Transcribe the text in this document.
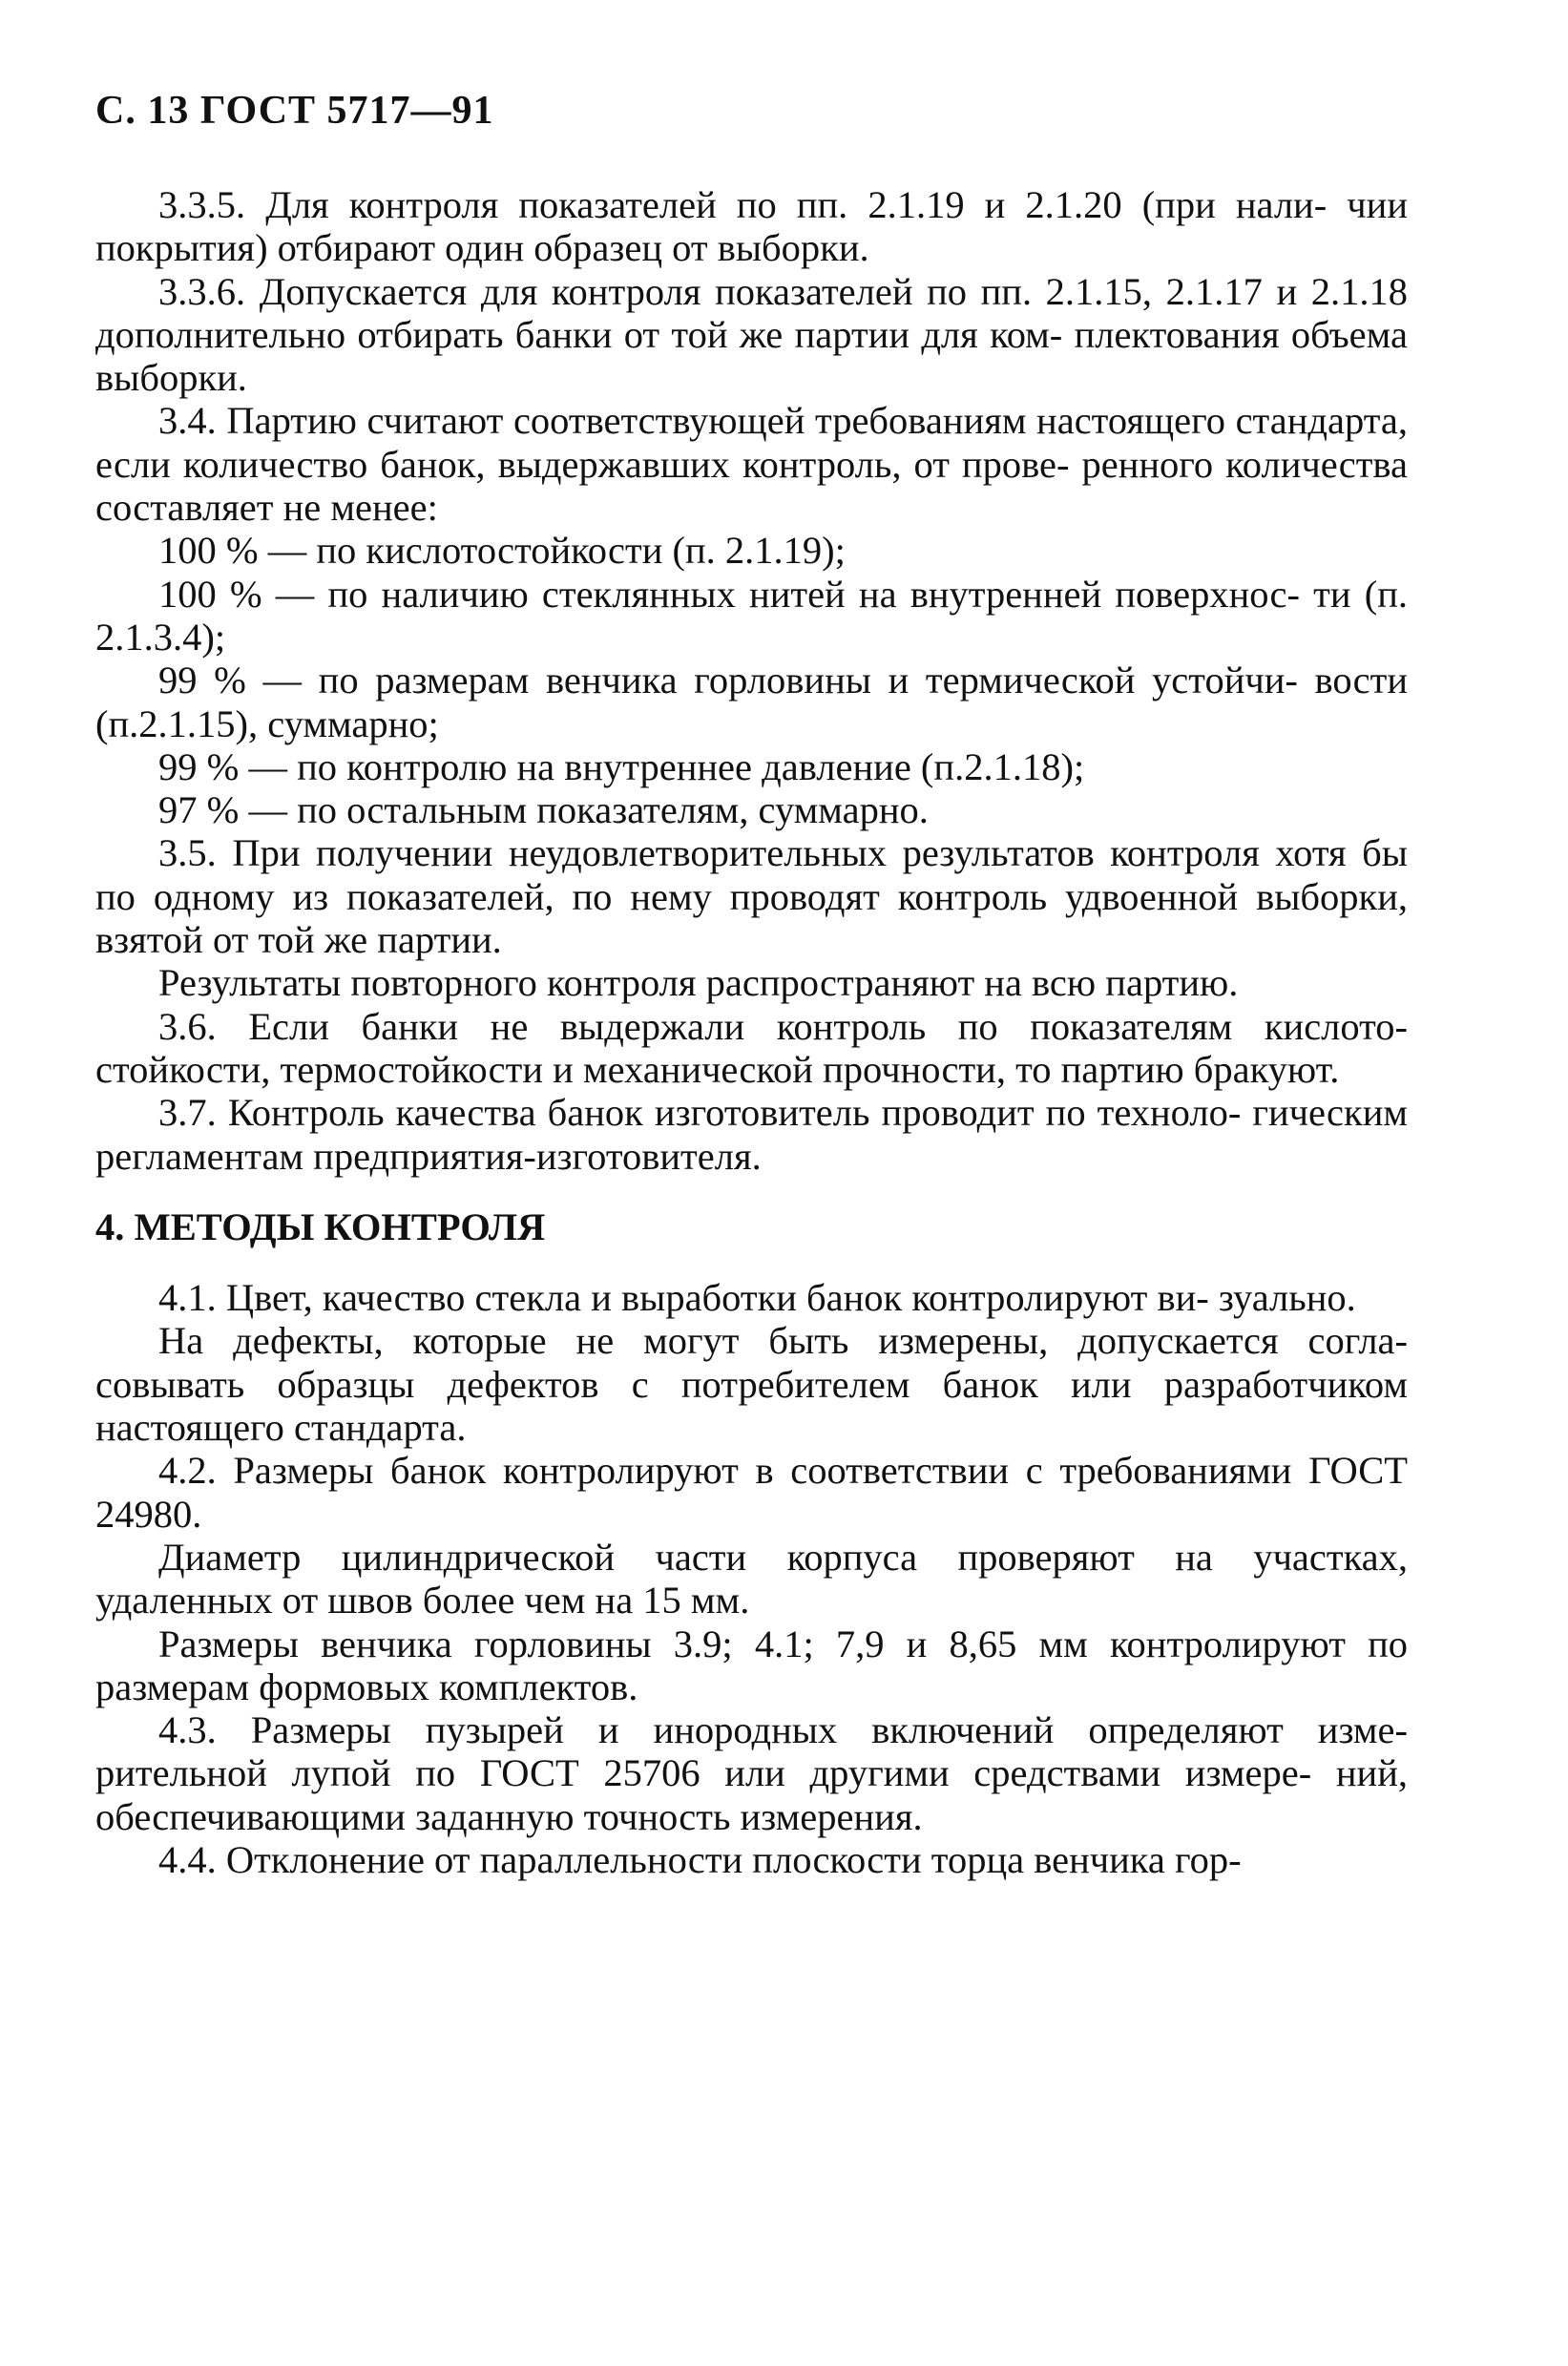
С. 13 ГОСТ 5717—91

3.3.5. Для контроля показателей по пп. 2.1.19 и 2.1.20 (при нали- чии покрытия) отбирают один образец от выборки.

3.3.6. Допускается для контроля показателей по пп. 2.1.15, 2.1.17 и 2.1.18 дополнительно отбирать банки от той же партии для ком- плектования объема выборки.

3.4. Партию считают соответствующей требованиям настоящего стандарта, если количество банок, выдержавших контроль, от прове- ренного количества составляет не менее:

100 % — по кислотостойкости (п. 2.1.19);

100 % — по наличию стеклянных нитей на внутренней поверхнос- ти (п. 2.1.3.4);

99 % — по размерам венчика горловины и термической устойчи- вости (п.2.1.15), суммарно;

99 % — по контролю на внутреннее давление (п.2.1.18);

97 % — по остальным показателям, суммарно.

3.5. При получении неудовлетворительных результатов контроля хотя бы по одному из показателей, по нему проводят контроль удвоенной выборки, взятой от той же партии.

Результаты повторного контроля распространяют на всю партию.

3.6. Если банки не выдержали контроль по показателям кислото- стойкости, термостойкости и механической прочности, то партию бракуют.

3.7. Контроль качества банок изготовитель проводит по техноло- гическим регламентам предприятия-изготовителя.

4. МЕТОДЫ КОНТРОЛЯ

4.1. Цвет, качество стекла и выработки банок контролируют ви- зуально.

На дефекты, которые не могут быть измерены, допускается согла- совывать образцы дефектов с потребителем банок или разработчиком настоящего стандарта.

4.2. Размеры банок контролируют в соответствии с требованиями ГОСТ 24980.

Диаметр цилиндрической части корпуса проверяют на участках, удаленных от швов более чем на 15 мм.

Размеры венчика горловины 3.9; 4.1; 7,9 и 8,65 мм контролируют по размерам формовых комплектов.

4.3. Размеры пузырей и инородных включений определяют изме- рительной лупой по ГОСТ 25706 или другими средствами измере- ний, обеспечивающими заданную точность измерения.

4.4. Отклонение от параллельности плоскости торца венчика гор-
